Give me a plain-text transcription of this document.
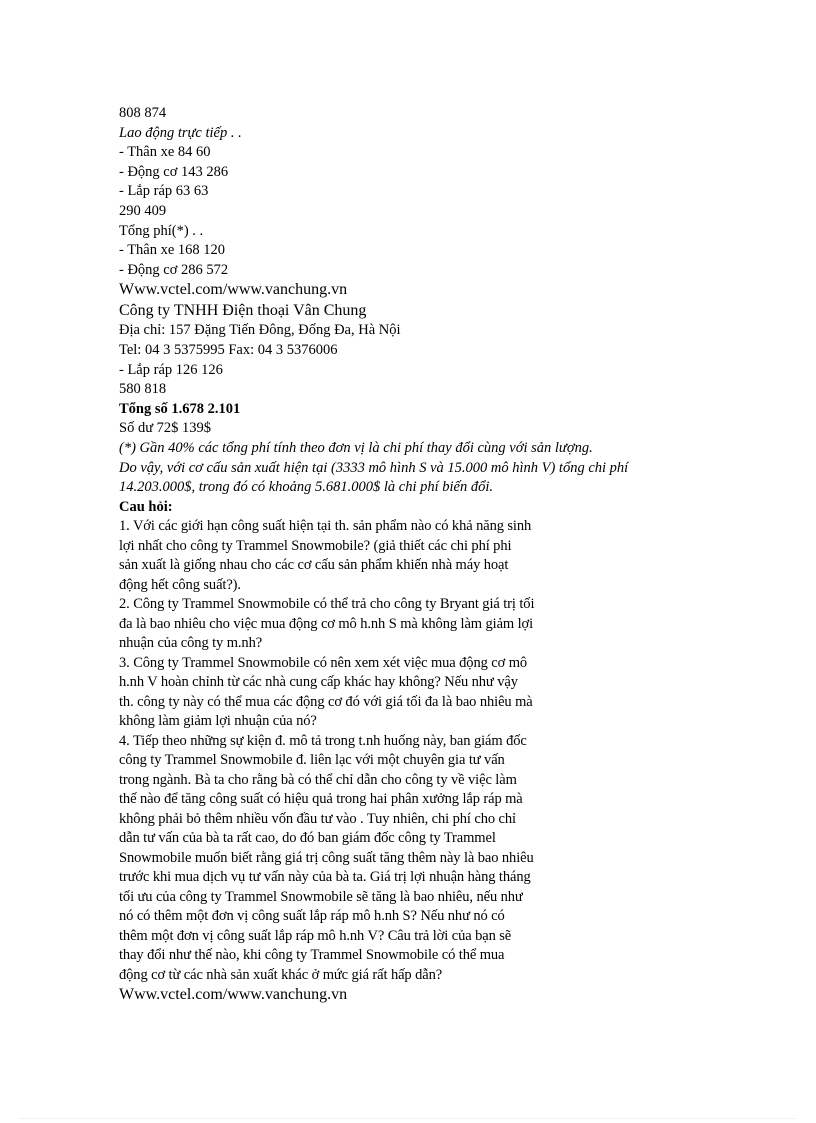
808 874
Lao động trực tiếp . .
- Thân xe 84 60
- Động cơ 143 286
- Lắp ráp 63 63
290 409
Tổng phí(*) . .
- Thân xe 168 120
- Động cơ 286 572
Www.vctel.com/www.vanchung.vn
Công ty TNHH Điện thoại Vân Chung
Địa chỉ: 157 Đặng Tiến Đông, Đống Đa, Hà Nội
Tel: 04 3 5375995 Fax: 04 3 5376006
- Lắp ráp 126 126
580 818
Tổng số 1.678 2.101
Số dư 72$ 139$
(*) Gần 40% các tổng phí tính theo đơn vị là chi phí thay đổi cùng với sản lượng.
Do vậy, với cơ cấu sản xuất hiện tại (3333 mô hình S và 15.000 mô hình V) tổng chi phí
14.203.000$, trong đó có khoảng 5.681.000$ là chi phí biến đổi.
Cau hỏi:
1. Với các giới hạn công suất hiện tại th. sản phẩm nào có khả năng sinh
lợi nhất cho công ty Trammel Snowmobile? (giả thiết các chi phí phi
sản xuất là giống nhau cho các cơ cấu sản phẩm khiến nhà máy hoạt
động hết công suất?).
2. Công ty Trammel Snowmobile có thể trả cho công ty Bryant giá trị tối
đa là bao nhiêu cho việc mua động cơ mô h.nh S mà không làm giảm lợi
nhuận của công ty m.nh?
3. Công ty Trammel Snowmobile có nên xem xét việc mua động cơ mô
h.nh V hoàn chỉnh từ các nhà cung cấp khác hay không? Nếu như vậy
th. công ty này có thể mua các động cơ đó với giá tối đa là bao nhiêu mà
không làm giảm lợi nhuận của nó?
4. Tiếp theo những sự kiện đ. mô tả trong t.nh huống này, ban giám đốc
công ty Trammel Snowmobile đ. liên lạc với một chuyên gia tư vấn
trong ngành. Bà ta cho rằng bà có thể chỉ dẫn cho công ty về việc làm
thế nào để tăng công suất có hiệu quả trong hai phân xưởng lắp ráp mà
không phải bỏ thêm nhiều vốn đầu tư vào . Tuy nhiên, chi phí cho chỉ
dẫn tư vấn của bà ta rất cao, do đó ban giám đốc công ty Trammel
Snowmobile muốn biết rằng giá trị công suất tăng thêm này là bao nhiêu
trước khi mua dịch vụ tư vấn này của bà ta. Giá trị lợi nhuận hàng tháng
tối ưu của công ty Trammel Snowmobile sẽ tăng là bao nhiêu, nếu như
nó có thêm một đơn vị công suất lắp ráp mô h.nh S? Nếu như nó có
thêm một đơn vị công suất lắp ráp mô h.nh V? Câu trả lời của bạn sẽ
thay đổi như thế nào, khi công ty Trammel Snowmobile có thể mua
động cơ từ các nhà sản xuất khác ở mức giá rất hấp dẫn?
Www.vctel.com/www.vanchung.vn
